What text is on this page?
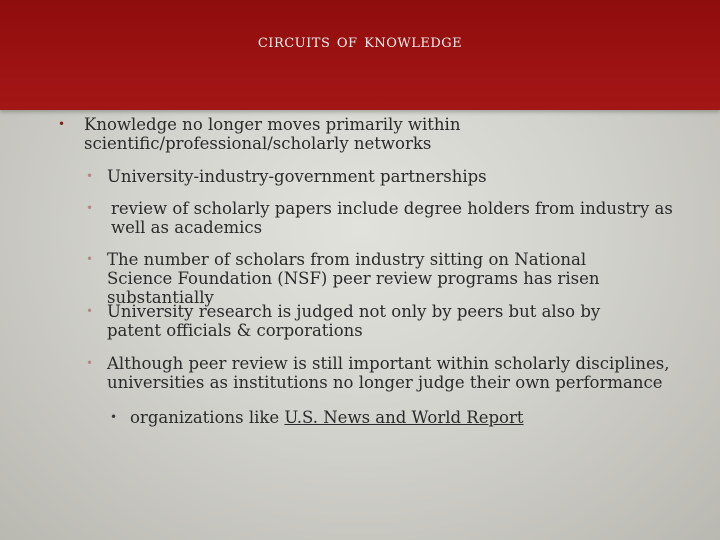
circuits of knowledge
•	Knowledge no longer moves primarily within scientific/professional/scholarly networks
• University-industry-government partnerships
•	review of scholarly papers include degree holders from industry as well as academics
• The number of scholars from industry sitting on National Science Foundation (NSF) peer review programs has risen substantially
• University research is judged not only by peers but also by patent officials & corporations
• Although peer review is still important within scholarly disciplines, universities as institutions no longer judge their own performance
• organizations like U.S. News and World Report
